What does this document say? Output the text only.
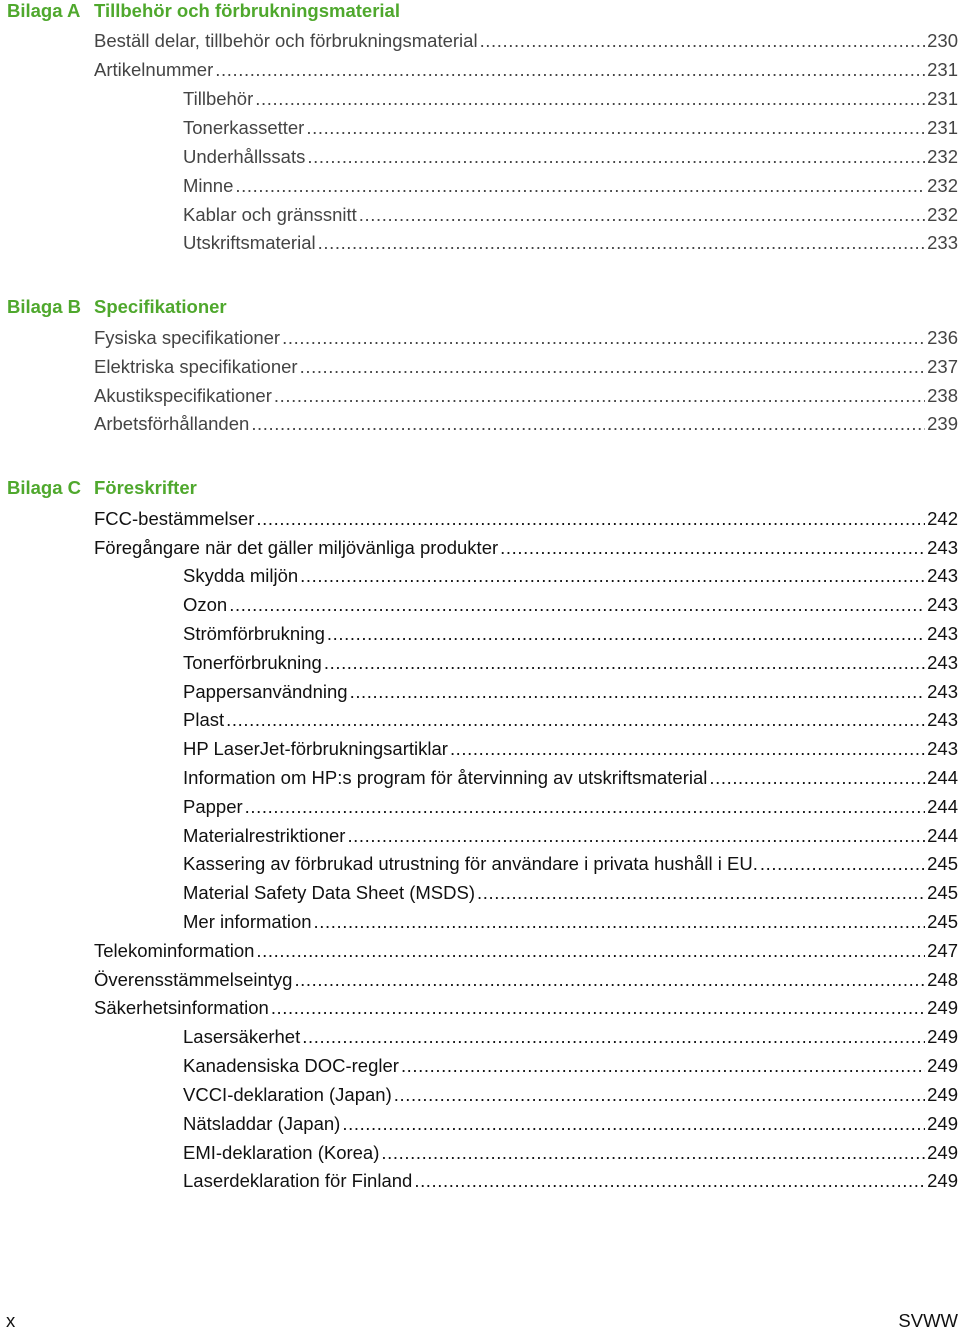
Bilaga A Tillbehör och förbrukningsmaterial
Beställ delar, tillbehör och förbrukningsmaterial .....	230
Artikelnummer .....	231
Tillbehör .....	231
Tonerkassetter .....	231
Underhållssats .....	232
Minne .....	232
Kablar och gränssnitt .....	232
Utskriftsmaterial .....	233
Bilaga B Specifikationer
Fysiska specifikationer .....	236
Elektriska specifikationer .....	237
Akustikspecifikationer .....	238
Arbetsförhållanden .....	239
Bilaga C Föreskrifter
FCC-bestämmelser .....	242
Föregångare när det gäller miljövänliga produkter .....	243
Skydda miljön .....	243
Ozon .....	243
Strömförbrukning .....	243
Tonerförbrukning .....	243
Pappersanvändning .....	243
Plast .....	243
HP LaserJet-förbrukningsartiklar .....	243
Information om HP:s program för återvinning av utskriftsmaterial .....	244
Papper .....	244
Materialrestriktioner .....	244
Kassering av förbrukad utrustning för användare i privata hushåll i EU. .....	245
Material Safety Data Sheet (MSDS) .....	245
Mer information .....	245
Telekominformation .....	247
Överensstämmelseintyg .....	248
Säkerhetsinformation .....	249
Lasersäkerhet .....	249
Kanadensiska DOC-regler .....	249
VCCI-deklaration (Japan) .....	249
Nätsladdar (Japan) .....	249
EMI-deklaration (Korea) .....	249
Laserdeklaration för Finland .....	249
x	SVWW
